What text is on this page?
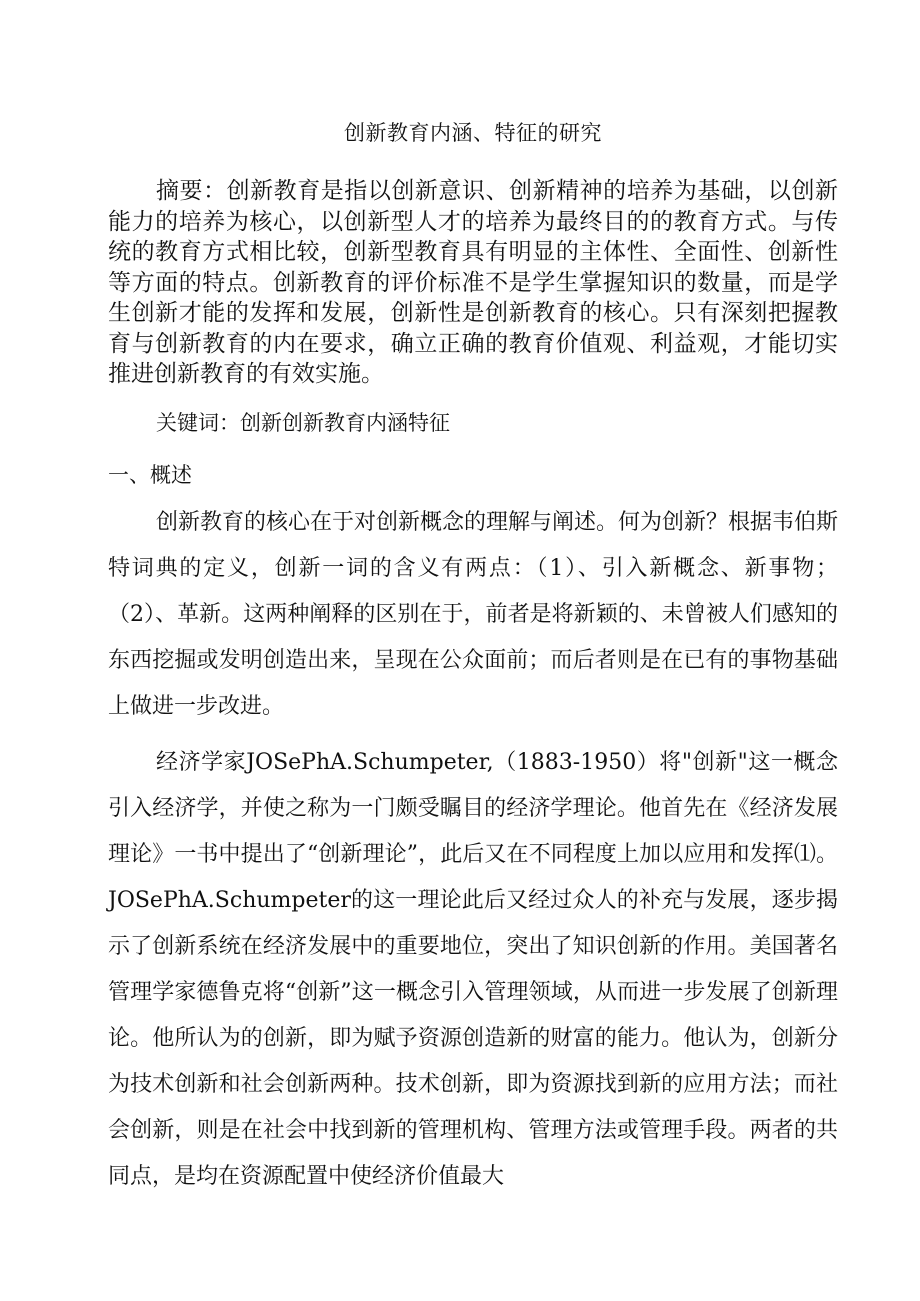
创新教育内涵、特征的研究

摘要：创新教育是指以创新意识、创新精神的培养为基础，以创新能力的培养为核心，以创新型人才的培养为最终目的的教育方式。与传统的教育方式相比较，创新型教育具有明显的主体性、全面性、创新性等方面的特点。创新教育的评价标准不是学生掌握知识的数量，而是学生创新才能的发挥和发展，创新性是创新教育的核心。只有深刻把握教育与创新教育的内在要求，确立正确的教育价值观、利益观，才能切实推进创新教育的有效实施。

关键词：创新创新教育内涵特征

一、概述

创新教育的核心在于对创新概念的理解与阐述。何为创新？根据韦伯斯特词典的定义，创新一词的含义有两点：（1）、引入新概念、新事物；（2）、革新。这两种阐释的区别在于，前者是将新颖的、未曾被人们感知的东西挖掘或发明创造出来，呈现在公众面前；而后者则是在已有的事物基础上做进一步改进。

经济学家JOSePhA.Schumpeter,（1883-1950）将"创新"这一概念引入经济学，并使之称为一门颇受瞩目的经济学理论。他首先在《经济发展理论》一书中提出了“创新理论”，此后又在不同程度上加以应用和发挥⑴。JOSePhA.Schumpeter的这一理论此后又经过众人的补充与发展，逐步揭示了创新系统在经济发展中的重要地位，突出了知识创新的作用。美国著名管理学家德鲁克将“创新”这一概念引入管理领域，从而进一步发展了创新理论。他所认为的创新，即为赋予资源创造新的财富的能力。他认为，创新分为技术创新和社会创新两种。技术创新，即为资源找到新的应用方法；而社会创新，则是在社会中找到新的管理机构、管理方法或管理手段。两者的共同点，是均在资源配置中使经济价值最大
